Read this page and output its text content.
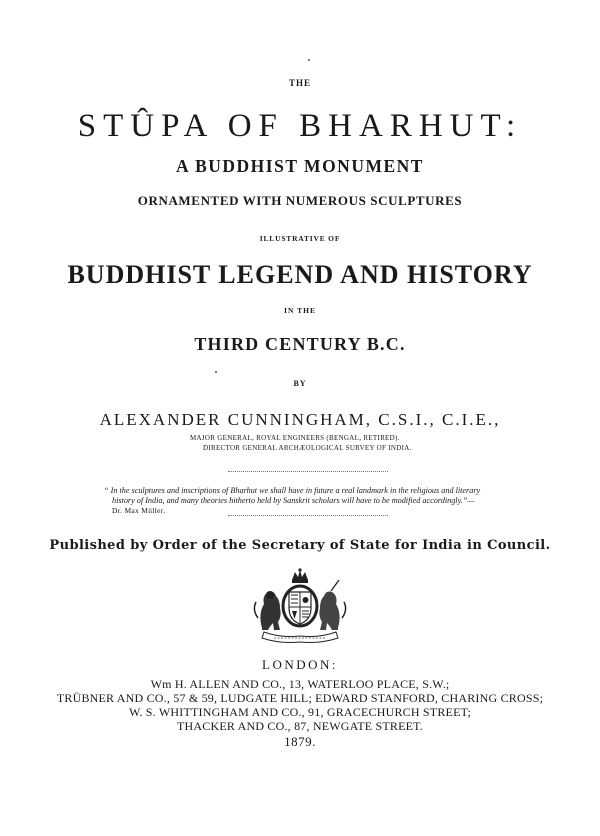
THE
STÛPA OF BHARHUT:
A BUDDHIST MONUMENT
ORNAMENTED WITH NUMEROUS SCULPTURES
ILLUSTRATIVE OF
BUDDHIST LEGEND AND HISTORY
IN THE
THIRD CENTURY B.C.
BY
ALEXANDER CUNNINGHAM, C.S.I., C.I.E.,
MAJOR GENERAL, ROYAL ENGINEERS (BENGAL, RETIRED).
DIRECTOR GENERAL ARCHÆOLOGICAL SURVEY OF INDIA.
“ In the sculptures and inscriptions of Bharhut we shall have in future a real landmark in the religious and literary
history of India, and many theories hitherto held by Sanskrit scholars will have to be modified accordingly.”—
Dr. Max Müller.
Published by Order of the Secretary of State for India in Council.
LONDON:
Wm H. ALLEN AND CO., 13, WATERLOO PLACE, S.W.;
TRÜBNER AND CO., 57 & 59, LUDGATE HILL; EDWARD STANFORD, CHARING CROSS;
W. S. WHITTINGHAM AND CO., 91, GRACECHURCH STREET;
THACKER AND CO., 87, NEWGATE STREET.
1879.
